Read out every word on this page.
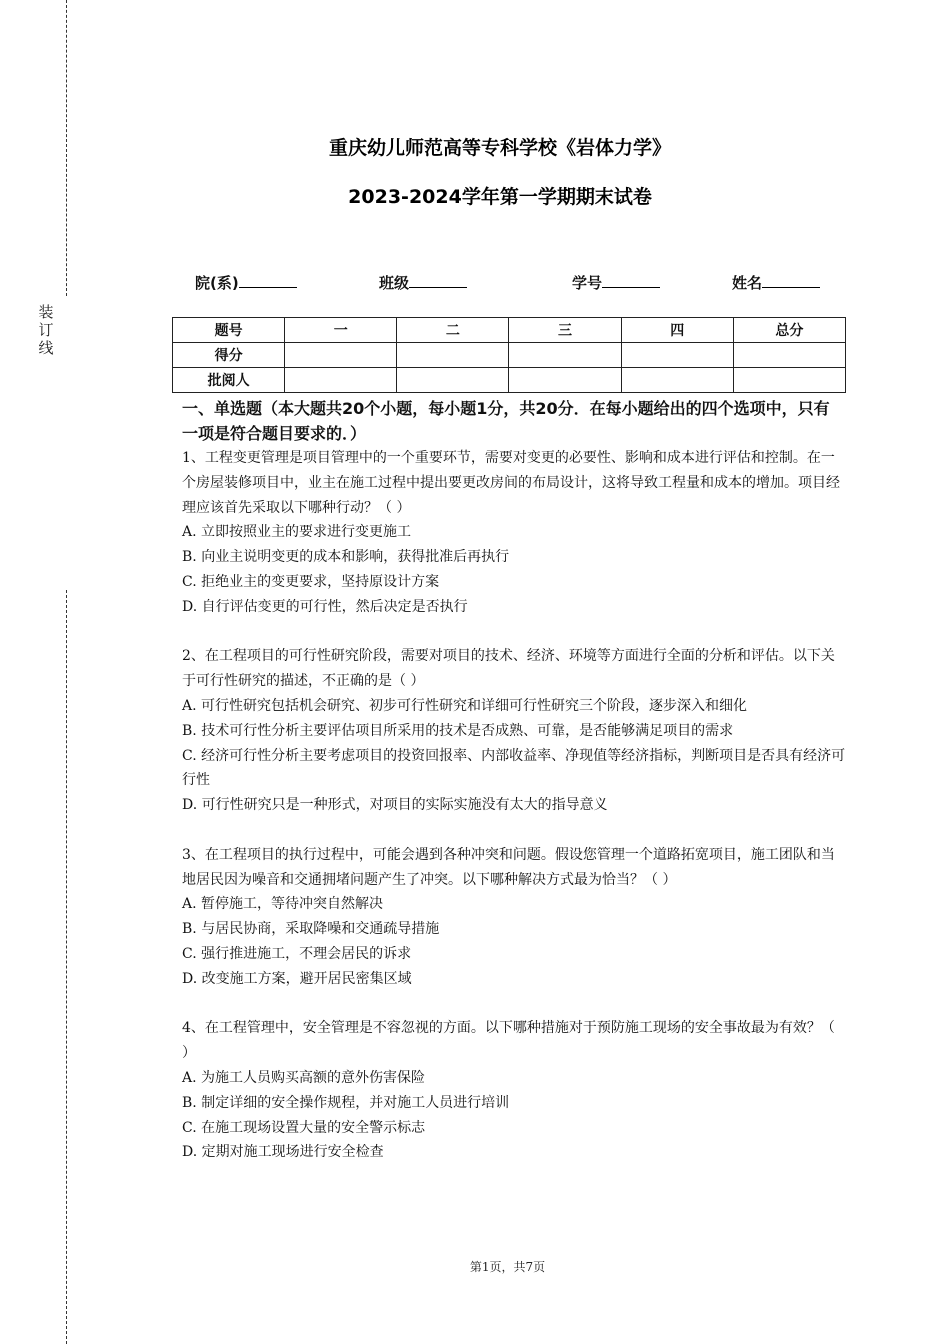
装
订
线
重庆幼儿师范高等专科学校《岩体力学》
2023-2024学年第一学期期末试卷
院(系)	班级	学号	姓名
题号	一	二	三	四	总分
得分					
批阅人					
一、单选题（本大题共20个小题，每小题1分，共20分．在每小题给出的四个选项中，只有一项是符合题目要求的．）

1、工程变更管理是项目管理中的一个重要环节，需要对变更的必要性、影响和成本进行评估和控制。在一个房屋装修项目中，业主在施工过程中提出要更改房间的布局设计，这将导致工程量和成本的增加。项目经理应该首先采取以下哪种行动？（ ）

A. 立即按照业主的要求进行变更施工

B. 向业主说明变更的成本和影响，获得批准后再执行

C. 拒绝业主的变更要求，坚持原设计方案

D. 自行评估变更的可行性，然后决定是否执行

2、在工程项目的可行性研究阶段，需要对项目的技术、经济、环境等方面进行全面的分析和评估。以下关于可行性研究的描述，不正确的是（ ）

A. 可行性研究包括机会研究、初步可行性研究和详细可行性研究三个阶段，逐步深入和细化

B. 技术可行性分析主要评估项目所采用的技术是否成熟、可靠，是否能够满足项目的需求

C. 经济可行性分析主要考虑项目的投资回报率、内部收益率、净现值等经济指标，判断项目是否具有经济可行性

D. 可行性研究只是一种形式，对项目的实际实施没有太大的指导意义

3、在工程项目的执行过程中，可能会遇到各种冲突和问题。假设您管理一个道路拓宽项目，施工团队和当地居民因为噪音和交通拥堵问题产生了冲突。以下哪种解决方式最为恰当？（ ）

A. 暂停施工，等待冲突自然解决

B. 与居民协商，采取降噪和交通疏导措施

C. 强行推进施工，不理会居民的诉求

D. 改变施工方案，避开居民密集区域

4、在工程管理中，安全管理是不容忽视的方面。以下哪种措施对于预防施工现场的安全事故最为有效？（ ）

A. 为施工人员购买高额的意外伤害保险

B. 制定详细的安全操作规程，并对施工人员进行培训

C. 在施工现场设置大量的安全警示标志

D. 定期对施工现场进行安全检查

第1页，共7页
